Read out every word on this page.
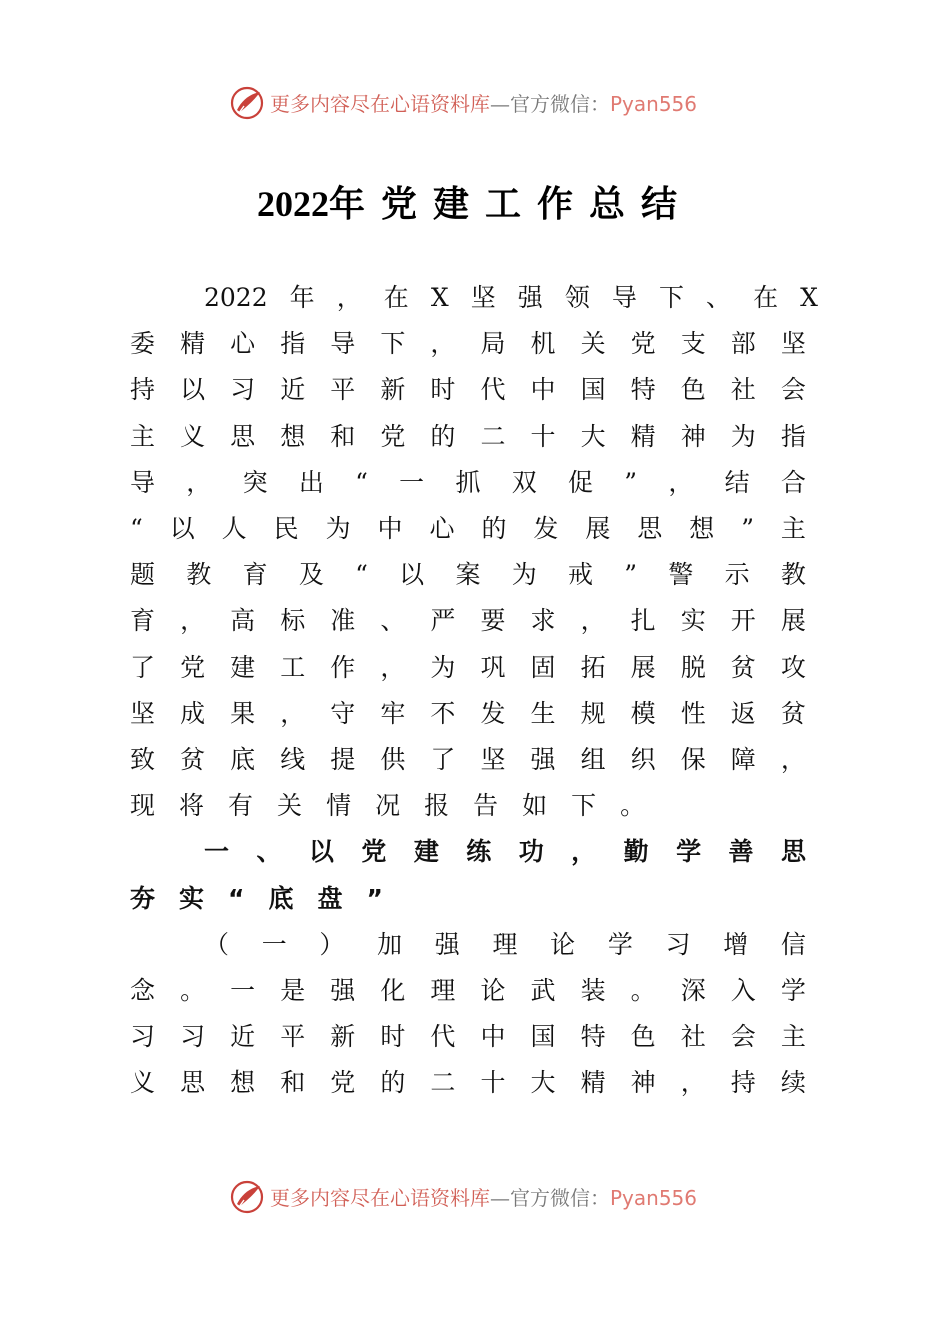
更多内容尽在心语资料库—官方微信：Pyan556
2022年党建工作总结
2022 年 ， 在 X 坚 强 领 导 下 、 在 X
委 精 心 指 导 下 ， 局 机 关 党 支 部 坚
持 以 习 近 平 新 时 代 中 国 特 色 社 会
主 义 思 想 和 党 的 二 十 大 精 神 为 指
导 ， 突 出 “ 一 抓 双 促 ” ， 结 合
“ 以 人 民 为 中 心 的 发 展 思 想 ” 主
题 教 育 及 “ 以 案 为 戒 ” 警 示 教
育 ， 高 标 准 、 严 要 求 ， 扎 实 开 展
了 党 建 工 作 ， 为 巩 固 拓 展 脱 贫 攻
坚 成 果 ， 守 牢 不 发 生 规 模 性 返 贫
致 贫 底 线 提 供 了 坚 强 组 织 保 障 ，
现 将 有 关 情 况 报 告 如 下 。
一 、 以 党 建 练 功 ， 勤 学 善 思
夯 实 “ 底 盘 ”
（ 一 ） 加 强 理 论 学 习 增 信
念 。 一 是 强 化 理 论 武 装 。 深 入 学
习 习 近 平 新 时 代 中 国 特 色 社 会 主
义 思 想 和 党 的 二 十 大 精 神 ， 持 续
更多内容尽在心语资料库—官方微信：Pyan556
